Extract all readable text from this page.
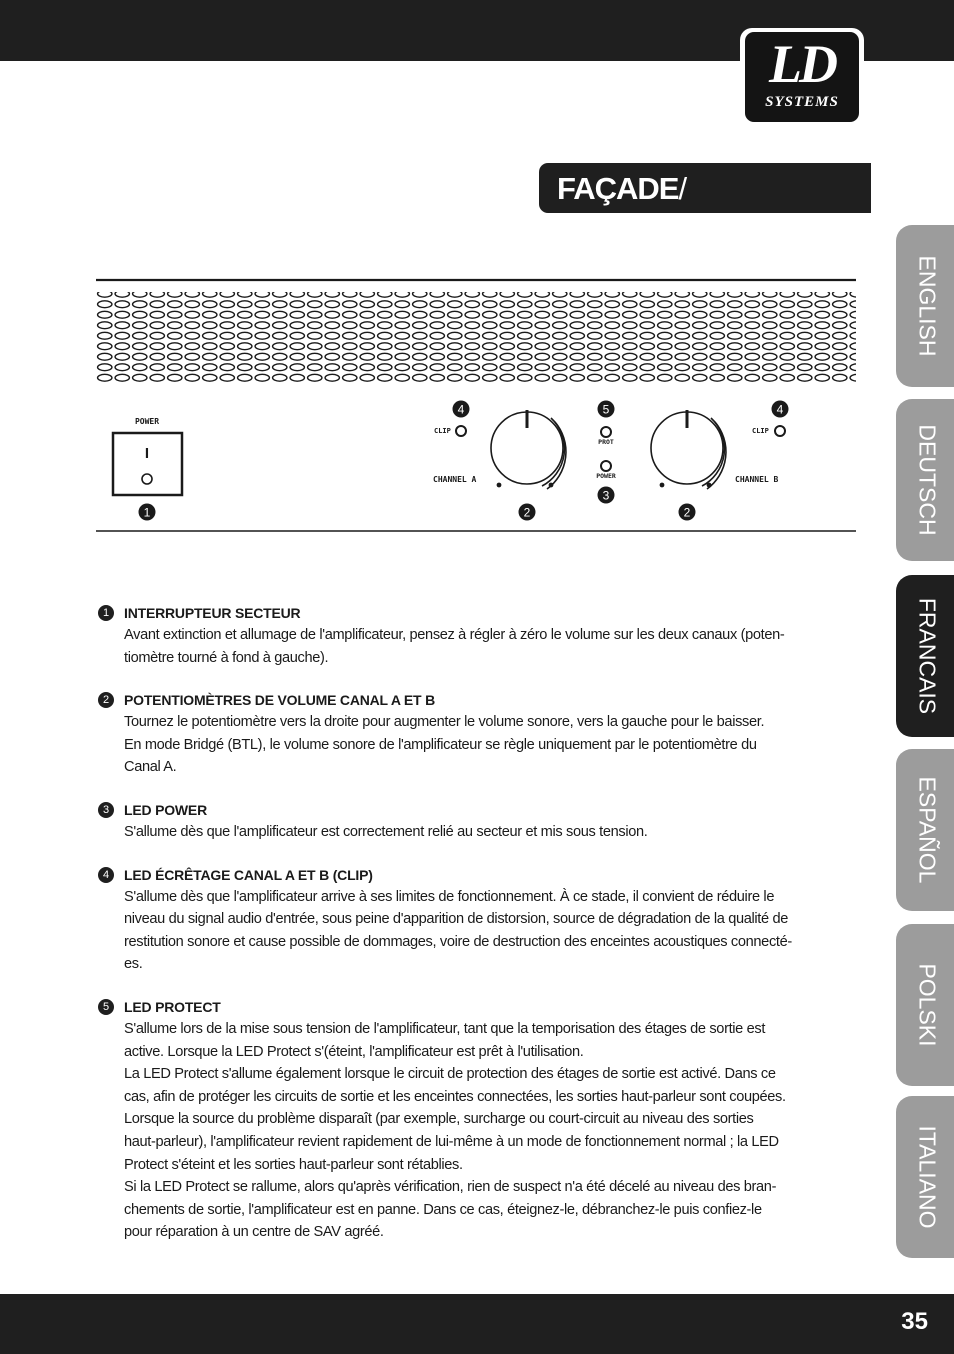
LD
SYSTEMS
FAÇADE/ CONTRÔLES:
ENGLISH
DEUTSCH
FRANCAIS
ESPAÑOL
POLSKI
ITALIANO
POWER
I
1
4
CLIP
CHANNEL A
2
5
PROT
POWER
3
2
CHANNEL B
4
CLIP
1	INTERRUPTEUR SECTEUR

Avant extinction et allumage de l'amplificateur, pensez à régler à zéro le volume sur les deux canaux (poten-

tiomètre tourné à fond à gauche).

2	POTENTIOMÈTRES DE VOLUME CANAL A ET B

Tournez le potentiomètre vers la droite pour augmenter le volume sonore, vers la gauche pour le baisser.

En mode Bridgé (BTL), le volume sonore de l'amplificateur se règle uniquement par le potentiomètre du

Canal A.

3	LED POWER

S'allume dès que l'amplificateur est correctement relié au secteur et mis sous tension.

4	LED ÉCRÊTAGE CANAL A ET B (CLIP)

S'allume dès que l'amplificateur arrive à ses limites de fonctionnement. À ce stade, il convient de réduire le

niveau du signal audio d'entrée, sous peine d'apparition de distorsion, source de dégradation de la qualité de

restitution sonore et cause possible de dommages, voire de destruction des enceintes acoustiques connecté-

es.

5	LED PROTECT

S'allume lors de la mise sous tension de l'amplificateur, tant que la temporisation des étages de sortie est

active. Lorsque la LED Protect s'(éteint, l'amplificateur est prêt à l'utilisation.

La LED Protect s'allume également lorsque le circuit de protection des étages de sortie est activé. Dans ce

cas, afin de protéger les circuits de sortie et les enceintes connectées, les sorties haut-parleur sont coupées.

Lorsque la source du problème disparaît (par exemple, surcharge ou court-circuit au niveau des sorties

haut-parleur), l'amplificateur revient rapidement de lui-même à un mode de fonctionnement normal ; la LED

Protect s'éteint et les sorties haut-parleur sont rétablies.

Si la LED Protect se rallume, alors qu'après vérification, rien de suspect n'a été décelé au niveau des bran-

chements de sortie, l'amplificateur est en panne. Dans ce cas, éteignez-le, débranchez-le puis confiez-le

pour réparation à un centre de SAV agréé.

35
